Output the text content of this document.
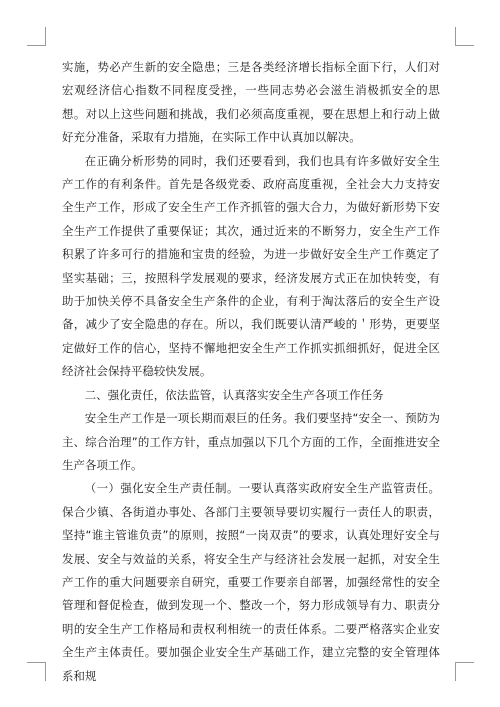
实施，势必产生新的安全隐患；三是各类经济增长指标全面下行，人们对宏观经济信心指数不同程度受挫，一些同志势必会滋生消极抓安全的思想。对以上这些问题和挑战，我们必须高度重视，要在思想上和行动上做好充分准备，采取有力措施，在实际工作中认真加以解决。

在正确分析形势的同时，我们还要看到，我们也具有许多做好安全生产工作的有利条件。首先是各级党委、政府高度重视，全社会大力支持安全生产工作，形成了安全生产工作齐抓管的强大合力，为做好新形势下安全生产工作提供了重要保证；其次，通过近来的不断努力，安全生产工作积累了许多可行的措施和宝贵的经验，为进一步做好安全生产工作奠定了坚实基础；三，按照科学发展观的要求，经济发展方式正在加快转变，有助于加快关停不具备安全生产条件的企业，有利于淘汰落后的安全生产设备，减少了安全隐患的存在。所以，我们既要认清严峻的＇形势，更要坚定做好工作的信心，坚持不懈地把安全生产工作抓实抓细抓好，促进全区经济社会保持平稳较快发展。

二、强化责任，依法监管，认真落实安全生产各项工作任务

安全生产工作是一项长期而艰巨的任务。我们要坚持“安全一、预防为主、综合治理”的工作方针，重点加强以下几个方面的工作，全面推进安全生产各项工作。

（一）强化安全生产责任制。一要认真落实政府安全生产监管责任。保合少镇、各街道办事处、各部门主要领导要切实履行一责任人的职责，坚持“谁主管谁负责”的原则，按照“一岗双责”的要求，认真处理好安全与发展、安全与效益的关系，将安全生产与经济社会发展一起抓，对安全生产工作的重大问题要亲自研究，重要工作要亲自部署，加强经常性的安全管理和督促检查，做到发现一个、整改一个，努力形成领导有力、职责分明的安全生产工作格局和责权利相统一的责任体系。二要严格落实企业安全生产主体责任。要加强企业安全生产基础工作，建立完整的安全管理体系和规
